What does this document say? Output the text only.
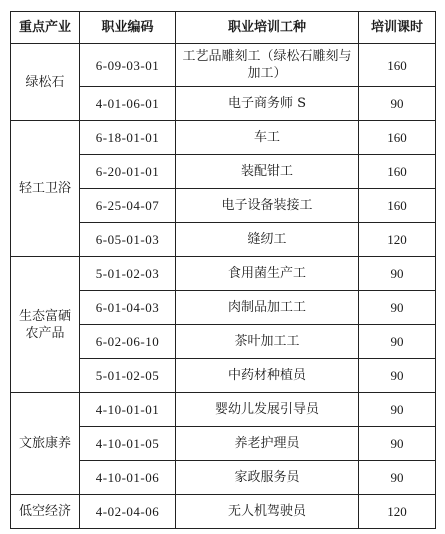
重点产业	职业编码	职业培训工种	培训课时
绿松石	6-09-03-01	工艺品雕刻工（绿松石雕刻与加工）	160
	4-01-06-01	电子商务师 S	90
轻工卫浴	6-18-01-01	车工	160
	6-20-01-01	装配钳工	160
	6-25-04-07	电子设备装接工	160
	6-05-01-03	缝纫工	120
生态富硒农产品	5-01-02-03	食用菌生产工	90
	6-01-04-03	肉制品加工工	90
	6-02-06-10	茶叶加工工	90
	5-01-02-05	中药材种植员	90
文旅康养	4-10-01-01	婴幼儿发展引导员	90
	4-10-01-05	养老护理员	90
	4-10-01-06	家政服务员	90
低空经济	4-02-04-06	无人机驾驶员	120
